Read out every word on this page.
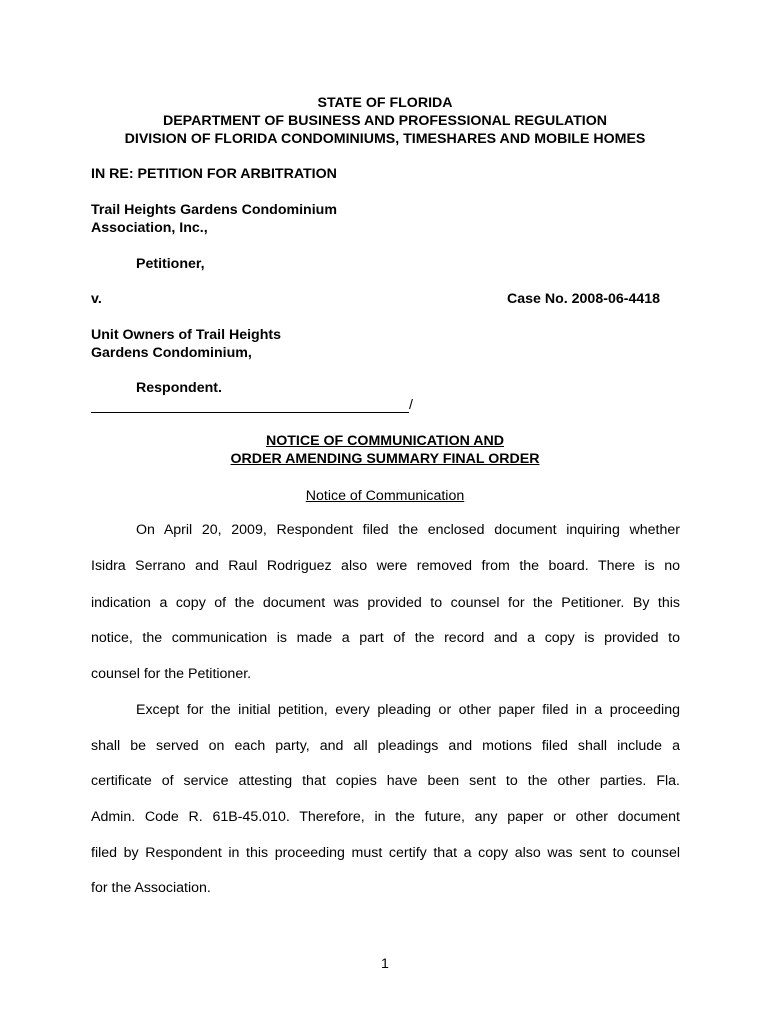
STATE OF FLORIDA
DEPARTMENT OF BUSINESS AND PROFESSIONAL REGULATION
DIVISION OF FLORIDA CONDOMINIUMS, TIMESHARES AND MOBILE HOMES
IN RE: PETITION FOR ARBITRATION
Trail Heights Gardens Condominium
Association, Inc.,
Petitioner,
v.	Case No. 2008-06-4418
Unit Owners of Trail Heights
Gardens Condominium,
Respondent.
/
NOTICE OF COMMUNICATION AND
ORDER AMENDING SUMMARY FINAL ORDER
Notice of Communication
On April 20, 2009, Respondent filed the enclosed document inquiring whether
Isidra Serrano and Raul Rodriguez also were removed from the board. There is no
indication a copy of the document was provided to counsel for the Petitioner. By this
notice, the communication is made a part of the record and a copy is provided to
counsel for the Petitioner.
Except for the initial petition, every pleading or other paper filed in a proceeding
shall be served on each party, and all pleadings and motions filed shall include a
certificate of service attesting that copies have been sent to the other parties. Fla.
Admin. Code R. 61B-45.010. Therefore, in the future, any paper or other document
filed by Respondent in this proceeding must certify that a copy also was sent to counsel
for the Association.
1
